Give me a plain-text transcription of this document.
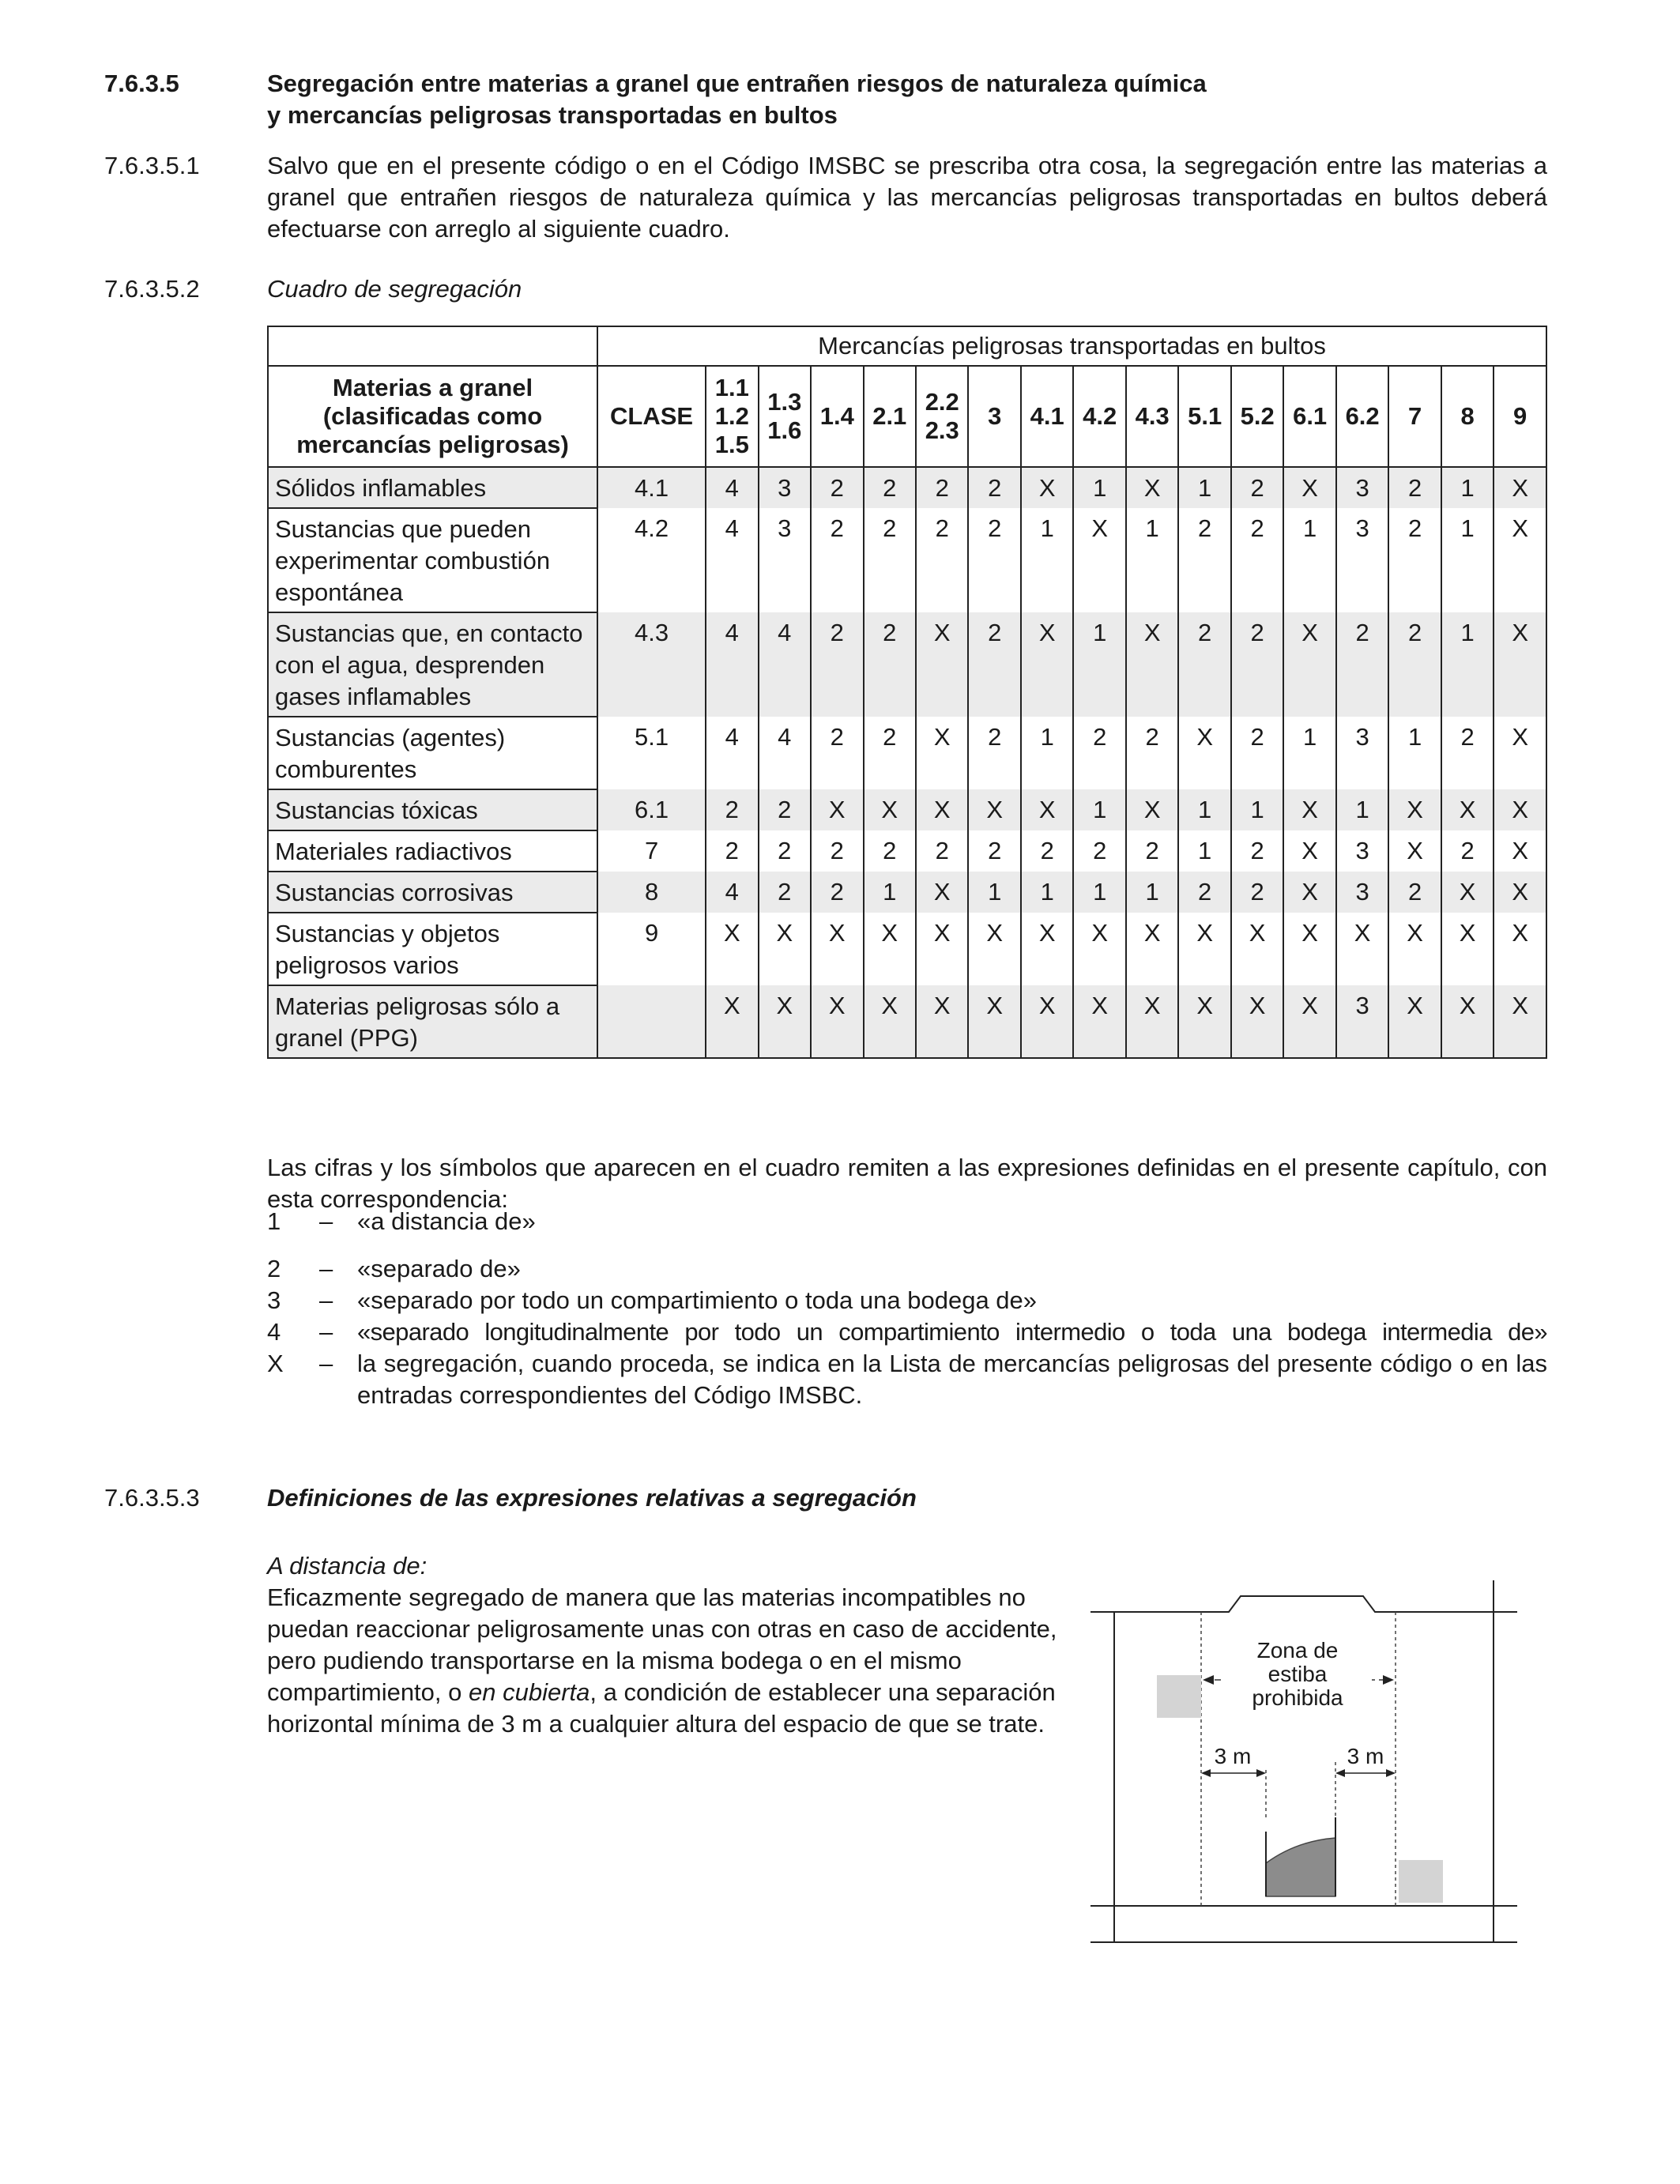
7.6.3.5	Segregación entre materias a granel que entrañen riesgos de naturaleza química
y mercancías peligrosas transportadas en bultos
7.6.3.5.1	Salvo que en el presente código o en el Código IMSBC se prescriba otra cosa, la segregación entre las materias a granel que entrañen riesgos de naturaleza química y las mercancías peligrosas transportadas en bultos deberá efectuarse con arreglo al siguiente cuadro.
7.6.3.5.2	Cuadro de segregación
	Mercancías peligrosas transportadas en bultos																
Materias a granel (clasificadas como mercancías peligrosas)	CLASE	1.1 1.2 1.5	1.3 1.6	1.4	2.1	2.2 2.3	3	4.1	4.2	4.3	5.1	5.2	6.1	6.2	7	8	9
Sólidos inflamables	4.1	4	3	2	2	2	2	X	1	X	1	2	X	3	2	1	X
Sustancias que pueden experimentar combustión espontánea	4.2	4	3	2	2	2	2	1	X	1	2	2	1	3	2	1	X
Sustancias que, en contacto con el agua, desprenden gases inflamables	4.3	4	4	2	2	X	2	X	1	X	2	2	X	2	2	1	X
Sustancias (agentes) comburentes	5.1	4	4	2	2	X	2	1	2	2	X	2	1	3	1	2	X
Sustancias tóxicas	6.1	2	2	X	X	X	X	X	1	X	1	1	X	1	X	X	X
Materiales radiactivos	7	2	2	2	2	2	2	2	2	2	1	2	X	3	X	2	X
Sustancias corrosivas	8	4	2	2	1	X	1	1	1	1	2	2	X	3	2	X	X
Sustancias y objetos peligrosos varios	9	X	X	X	X	X	X	X	X	X	X	X	X	X	X	X	X
Materias peligrosas sólo a granel (PPG)		X	X	X	X	X	X	X	X	X	X	X	X	3	X	X	X
Las cifras y los símbolos que aparecen en el cuadro remiten a las expresiones definidas en el presente capítulo, con esta correspondencia:
1 – «a distancia de»
2 – «separado de»
3 – «separado por todo un compartimiento o toda una bodega de»
4 – «separado longitudinalmente por todo un compartimiento intermedio o toda una bodega intermedia de»
X – la segregación, cuando proceda, se indica en la Lista de mercancías peligrosas del presente código o en las entradas correspondientes del Código IMSBC.
7.6.3.5.3	Definiciones de las expresiones relativas a segregación
A distancia de:
Eficazmente segregado de manera que las materias incompatibles no puedan reaccionar peligrosamente unas con otras en caso de accidente, pero pudiendo transportarse en la misma bodega o en el mismo compartimiento, o en cubierta, a condición de establecer una separación horizontal mínima de 3 m a cualquier altura del espacio de que se trate.
Zona de
estiba
prohibida
3 m	3 m
